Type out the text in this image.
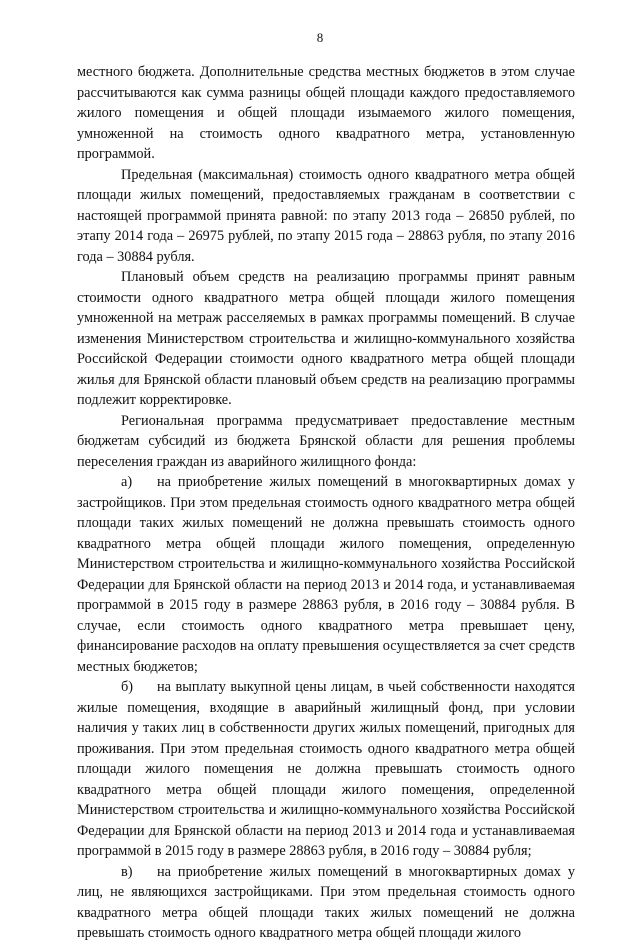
8

местного бюджета. Дополнительные средства местных бюджетов в этом случае рассчитываются как сумма разницы общей площади каждого предоставляемого жилого помещения и общей площади изымаемого жилого помещения, умноженной на стоимость одного квадратного метра, установленную программой.

Предельная (максимальная) стоимость одного квадратного метра общей площади жилых помещений, предоставляемых гражданам в соответствии с настоящей программой принята равной: по этапу 2013 года – 26850 рублей, по этапу 2014 года – 26975 рублей, по этапу 2015 года – 28863 рубля, по этапу 2016 года – 30884 рубля.

Плановый объем средств на реализацию программы принят равным стоимости одного квадратного метра общей площади жилого помещения умноженной на метраж расселяемых в рамках программы помещений. В случае изменения Министерством строительства и жилищно-коммунального хозяйства Российской Федерации стоимости одного квадратного метра общей площади жилья для Брянской области плановый объем средств на реализацию программы подлежит корректировке.

Региональная программа предусматривает предоставление местным бюджетам субсидий из бюджета Брянской области для решения проблемы переселения граждан из аварийного жилищного фонда:

а) на приобретение жилых помещений в многоквартирных домах у застройщиков. При этом предельная стоимость одного квадратного метра общей площади таких жилых помещений не должна превышать стоимость одного квадратного метра общей площади жилого помещения, определенную Министерством строительства и жилищно-коммунального хозяйства Российской Федерации для Брянской области на период 2013 и 2014 года, и устанавливаемая программой в 2015 году в размере 28863 рубля, в 2016 году – 30884 рубля. В случае, если стоимость одного квадратного метра превышает цену, финансирование расходов на оплату превышения осуществляется за счет средств местных бюджетов;

б) на выплату выкупной цены лицам, в чьей собственности находятся жилые помещения, входящие в аварийный жилищный фонд, при условии наличия у таких лиц в собственности других жилых помещений, пригодных для проживания. При этом предельная стоимость одного квадратного метра общей площади жилого помещения не должна превышать стоимость одного квадратного метра общей площади жилого помещения, определенной Министерством строительства и жилищно-коммунального хозяйства Российской Федерации для Брянской области на период 2013 и 2014 года и устанавливаемая программой в 2015 году в размере 28863 рубля, в 2016 году – 30884 рубля;

в) на приобретение жилых помещений в многоквартирных домах у лиц, не являющихся застройщиками. При этом предельная стоимость одного квадратного метра общей площади таких жилых помещений не должна превышать стоимость одного квадратного метра общей площади жилого
